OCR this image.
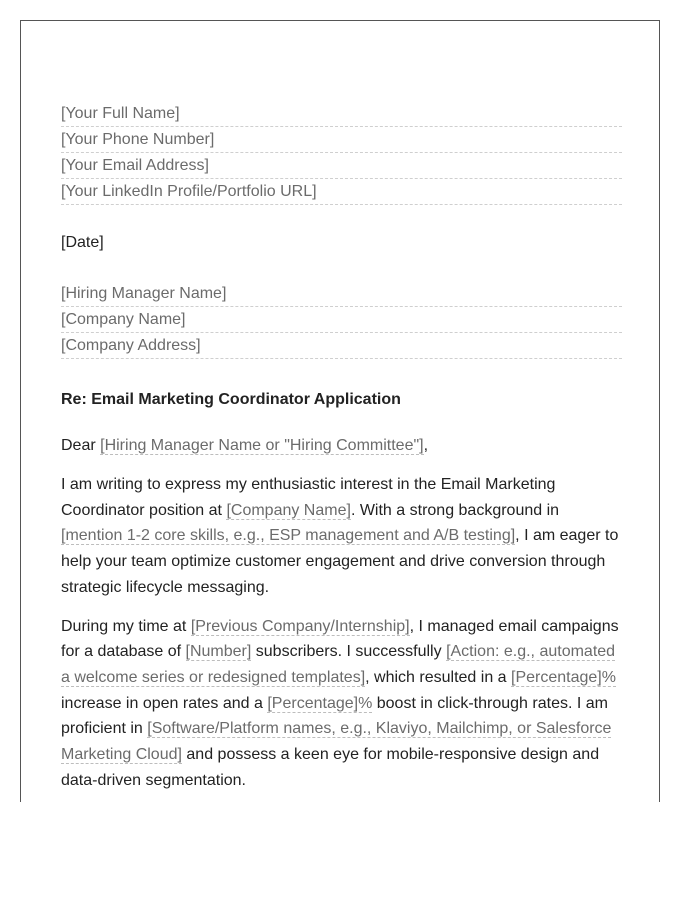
[Your Full Name]
[Your Phone Number]
[Your Email Address]
[Your LinkedIn Profile/Portfolio URL]
[Date]
[Hiring Manager Name]
[Company Name]
[Company Address]
Re: Email Marketing Coordinator Application
Dear [Hiring Manager Name or "Hiring Committee"],

I am writing to express my enthusiastic interest in the Email Marketing Coordinator position at [Company Name]. With a strong background in [mention 1-2 core skills, e.g., ESP management and A/B testing], I am eager to help your team optimize customer engagement and drive conversion through strategic lifecycle messaging.

During my time at [Previous Company/Internship], I managed email campaigns for a database of [Number] subscribers. I successfully [Action: e.g., automated a welcome series or redesigned templates], which resulted in a [Percentage]% increase in open rates and a [Percentage]% boost in click-through rates. I am proficient in [Software/Platform names, e.g., Klaviyo, Mailchimp, or Salesforce Marketing Cloud] and possess a keen eye for mobile-responsive design and data-driven segmentation.
